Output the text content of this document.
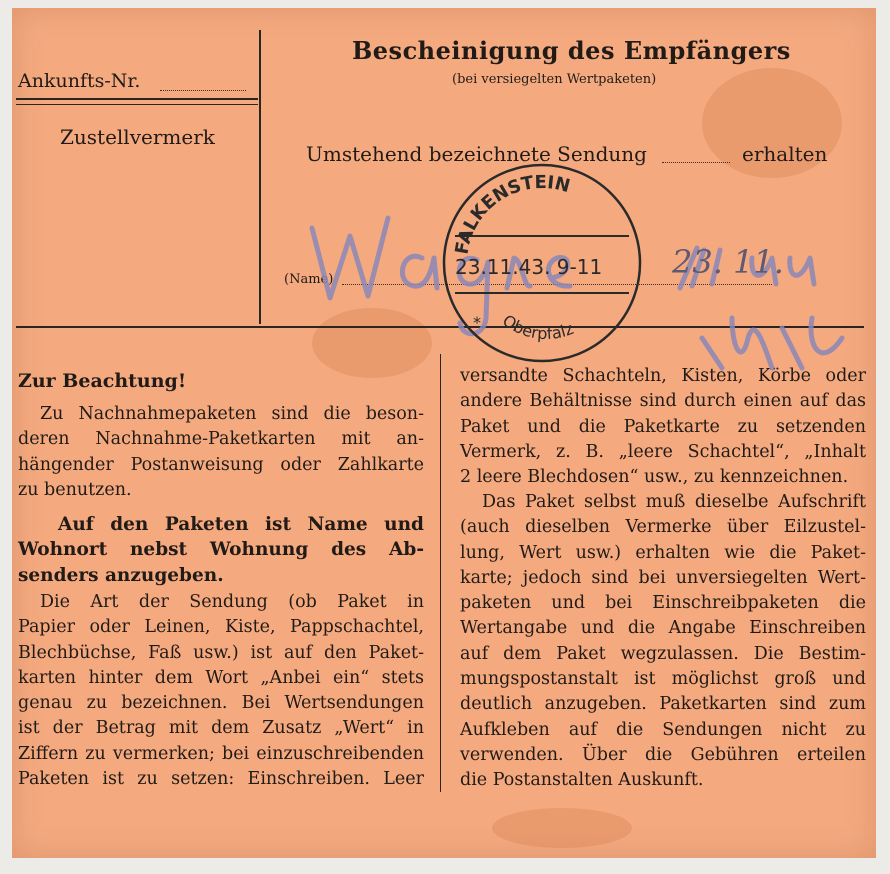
Ankunfts-Nr.
Zustellvermerk
Bescheinigung des Empfängers
(bei versiegelten Wertpaketen)
Umstehend bezeichnete Sendung	erhalten
(Name)
Zur Beachtung!
Zu Nachnahmepaketen sind die beson-
deren Nachnahme-Paketkarten mit an-
hängender Postanweisung oder Zahlkarte
zu benutzen.
Auf den Paketen ist Name und
Wohnort nebst Wohnung des Ab-
senders anzugeben.
Die Art der Sendung (ob Paket in
Papier oder Leinen, Kiste, Pappschachtel,
Blechbüchse, Faß usw.) ist auf den Paket-
karten hinter dem Wort „Anbei ein“ stets
genau zu bezeichnen. Bei Wertsendungen
ist der Betrag mit dem Zusatz „Wert“ in
Ziffern zu vermerken; bei einzuschreibenden
Paketen ist zu setzen: Einschreiben. Leer
versandte Schachteln, Kisten, Körbe oder
andere Behältnisse sind durch einen auf das
Paket und die Paketkarte zu setzenden
Vermerk, z. B. „leere Schachtel“, „Inhalt
2 leere Blechdosen“ usw., zu kennzeichnen.
Das Paket selbst muß dieselbe Aufschrift
(auch dieselben Vermerke über Eilzustel-
lung, Wert usw.) erhalten wie die Paket-
karte; jedoch sind bei unversiegelten Wert-
paketen und bei Einschreibpaketen die
Wertangabe und die Angabe Einschreiben
auf dem Paket wegzulassen. Die Bestim-
mungspostanstalt ist möglichst groß und
deutlich anzugeben. Paketkarten sind zum
Aufkleben auf die Sendungen nicht zu
verwenden. Über die Gebühren erteilen
die Postanstalten Auskunft.
FALKENSTEIN
23.11.43. 9-11
* Oberpfalz
23. 11.
